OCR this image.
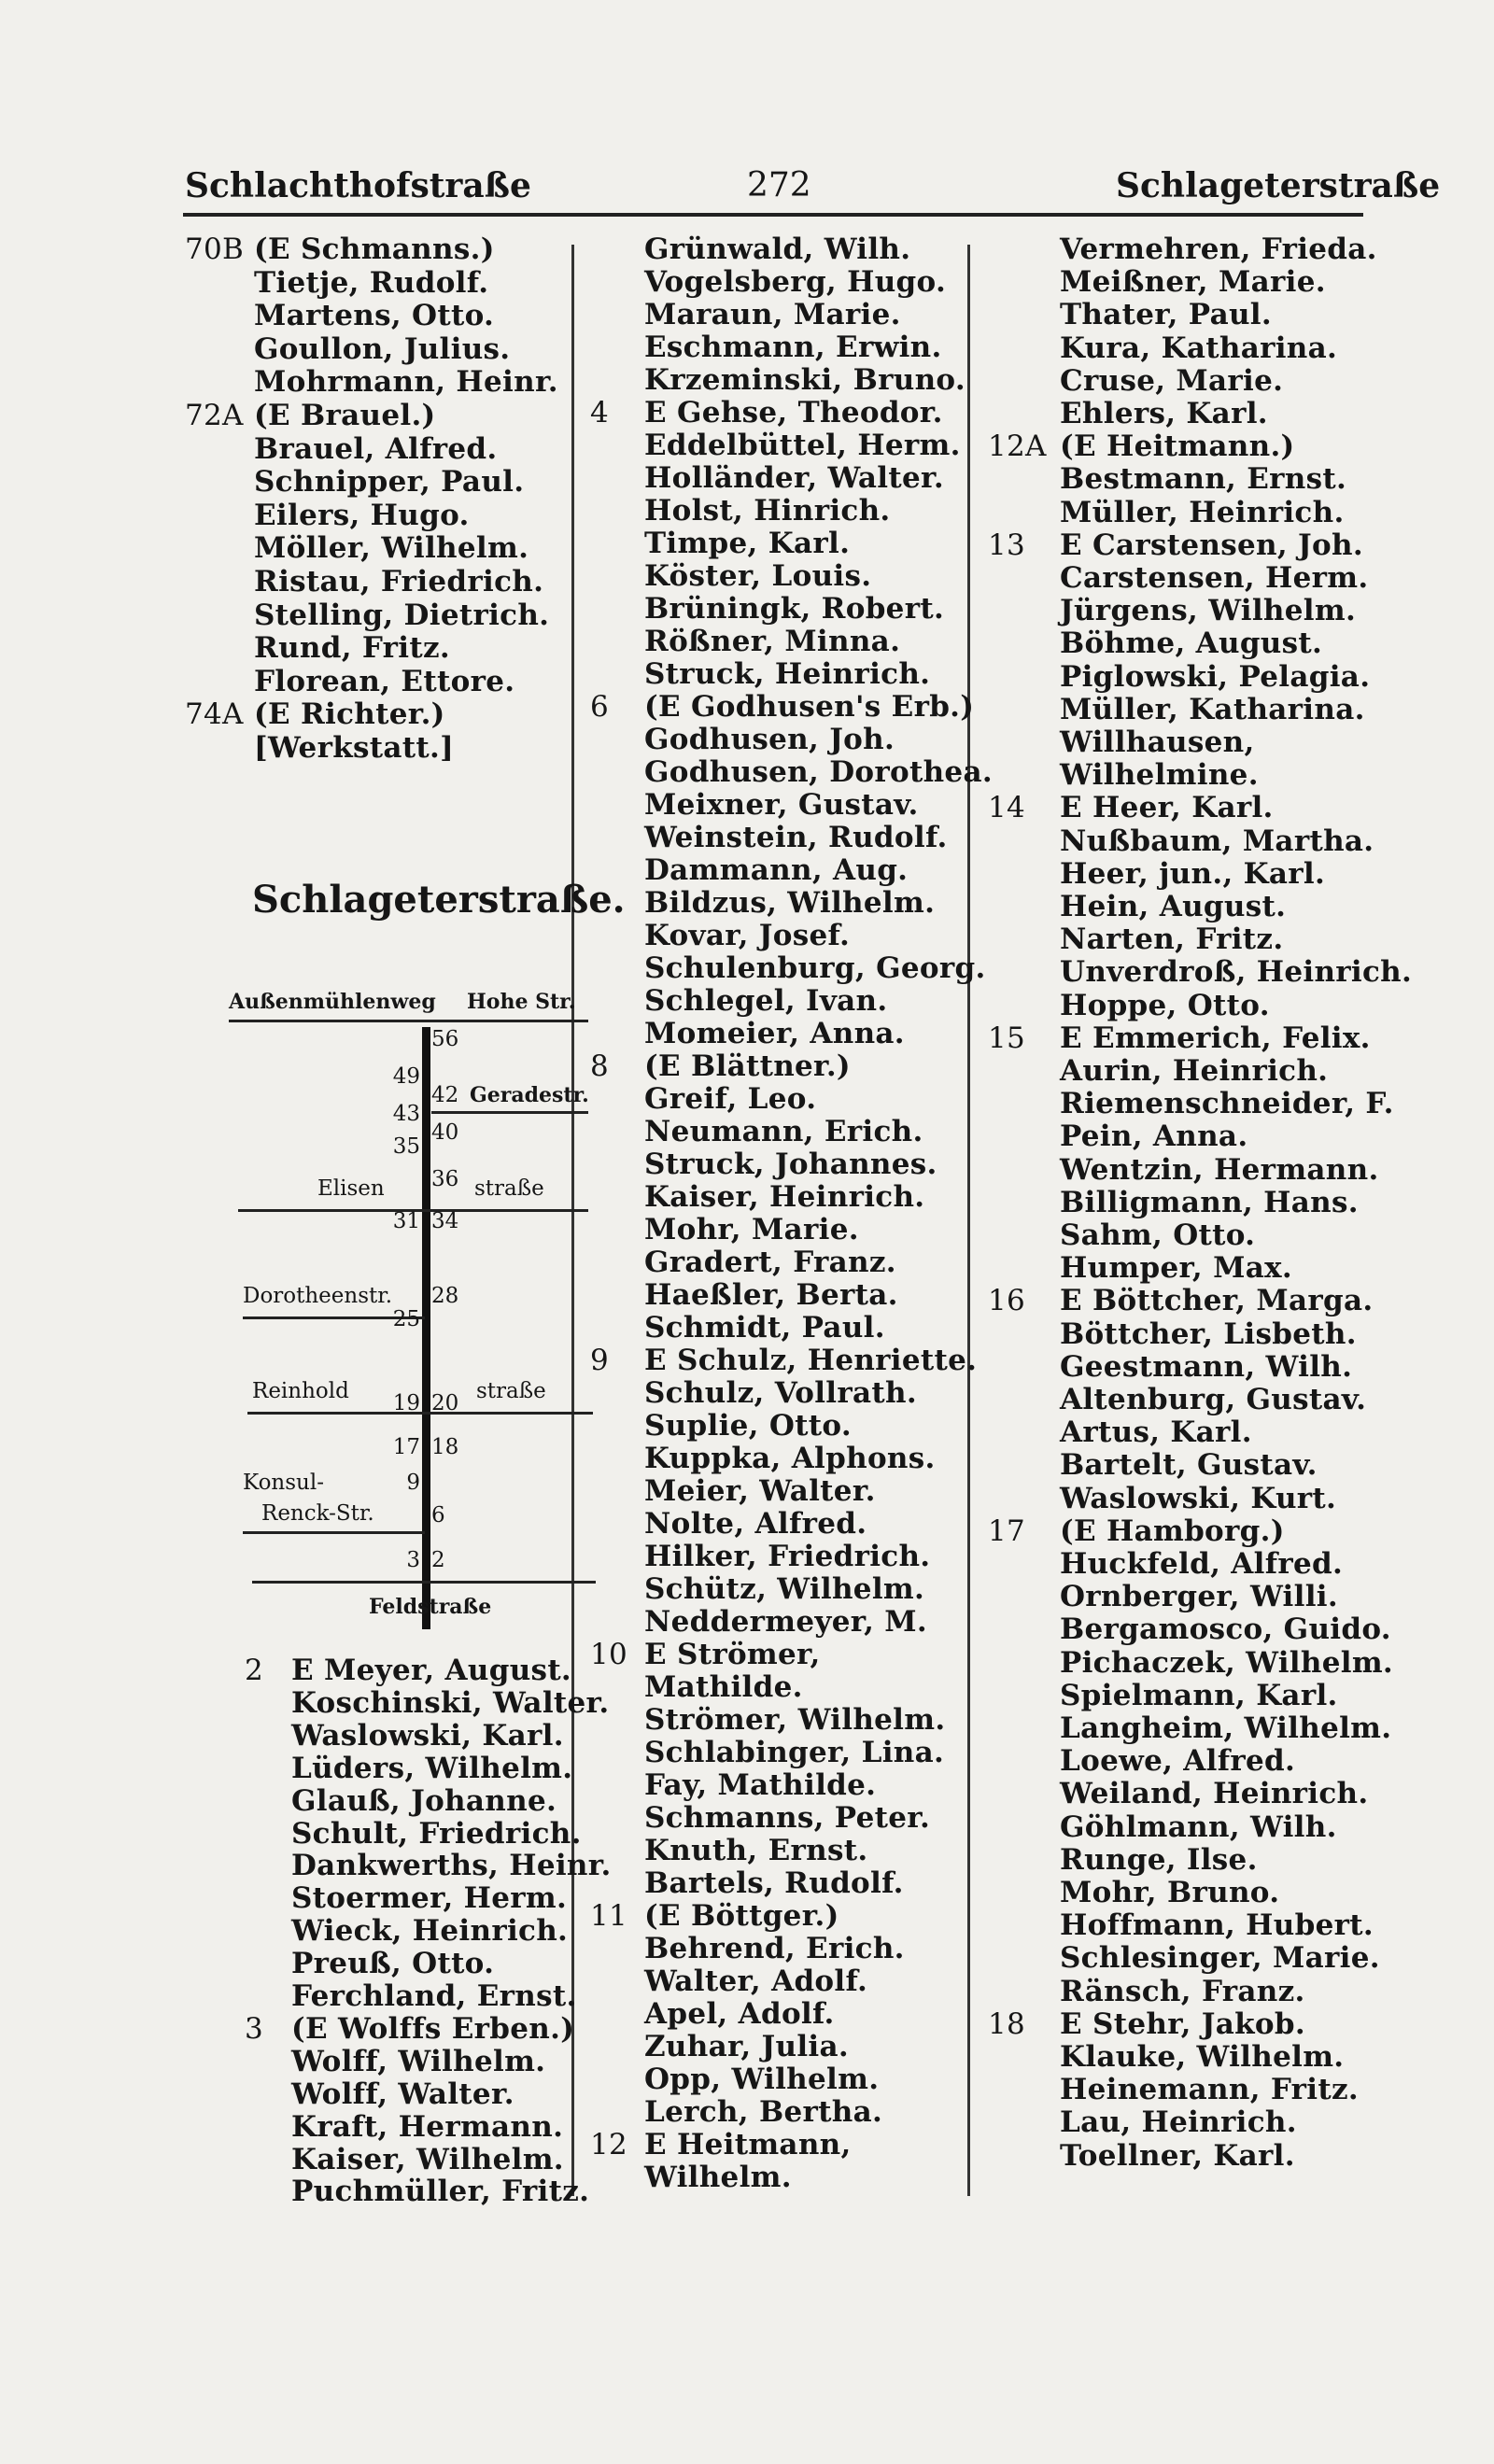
Schlachthofstraße	272	Schlageterstraße
70B (E Schmanns.)
Tietje, Rudolf.
Martens, Otto.
Goullon, Julius.
Mohrmann, Heinr.
72A (E Brauel.)
Brauel, Alfred.
Schnipper, Paul.
Eilers, Hugo.
Möller, Wilhelm.
Ristau, Friedrich.
Stelling, Dietrich.
Rund, Fritz.
Florean, Ettore.
74A (E Richter.)
[Werkstatt.]
Schlageterstraße.
Außenmühlenweg Hohe Str.
Geradestr.
Elisen	straße
Dorotheenstr.
Reinhold	straße
Konsul-
Renck-Str.
Feldstraße
49
43
35
31
25
19
17
9
3
56
42
40
36
34
28
20
18
6
2
2 E Meyer, August.
Koschinski, Walter.
Waslowski, Karl.
Lüders, Wilhelm.
Glauß, Johanne.
Schult, Friedrich.
Dankwerths, Heinr.
Stoermer, Herm.
Wieck, Heinrich.
Preuß, Otto.
Ferchland, Ernst.
3 (E Wolffs Erben.)
Wolff, Wilhelm.
Wolff, Walter.
Kraft, Hermann.
Kaiser, Wilhelm.
Puchmüller, Fritz.
Grünwald, Wilh.
Vogelsberg, Hugo.
Maraun, Marie.
Eschmann, Erwin.
Krzeminski, Bruno.
4 E Gehse, Theodor.
Eddelbüttel, Herm.
Holländer, Walter.
Holst, Hinrich.
Timpe, Karl.
Köster, Louis.
Brüningk, Robert.
Rößner, Minna.
Struck, Heinrich.
6 (E Godhusen's Erb.)
Godhusen, Joh.
Godhusen, Dorothea.
Meixner, Gustav.
Weinstein, Rudolf.
Dammann, Aug.
Bildzus, Wilhelm.
Kovar, Josef.
Schulenburg, Georg.
Schlegel, Ivan.
Momeier, Anna.
8 (E Blättner.)
Greif, Leo.
Neumann, Erich.
Struck, Johannes.
Kaiser, Heinrich.
Mohr, Marie.
Gradert, Franz.
Haeßler, Berta.
Schmidt, Paul.
9 E Schulz, Henriette.
Schulz, Vollrath.
Suplie, Otto.
Kuppka, Alphons.
Meier, Walter.
Nolte, Alfred.
Hilker, Friedrich.
Schütz, Wilhelm.
Neddermeyer, M.
10 E Strömer,
Mathilde.
Strömer, Wilhelm.
Schlabinger, Lina.
Fay, Mathilde.
Schmanns, Peter.
Knuth, Ernst.
Bartels, Rudolf.
11 (E Böttger.)
Behrend, Erich.
Walter, Adolf.
Apel, Adolf.
Zuhar, Julia.
Opp, Wilhelm.
Lerch, Bertha.
12 E Heitmann,
Wilhelm.
Vermehren, Frieda.
Meißner, Marie.
Thater, Paul.
Kura, Katharina.
Cruse, Marie.
Ehlers, Karl.
12A (E Heitmann.)
Bestmann, Ernst.
Müller, Heinrich.
13 E Carstensen, Joh.
Carstensen, Herm.
Jürgens, Wilhelm.
Böhme, August.
Piglowski, Pelagia.
Müller, Katharina.
Willhausen,
Wilhelmine.
14 E Heer, Karl.
Nußbaum, Martha.
Heer, jun., Karl.
Hein, August.
Narten, Fritz.
Unverdroß, Heinrich.
Hoppe, Otto.
15 E Emmerich, Felix.
Aurin, Heinrich.
Riemenschneider, F.
Pein, Anna.
Wentzin, Hermann.
Billigmann, Hans.
Sahm, Otto.
Humper, Max.
16 E Böttcher, Marga.
Böttcher, Lisbeth.
Geestmann, Wilh.
Altenburg, Gustav.
Artus, Karl.
Bartelt, Gustav.
Waslowski, Kurt.
17 (E Hamborg.)
Huckfeld, Alfred.
Ornberger, Willi.
Bergamosco, Guido.
Pichaczek, Wilhelm.
Spielmann, Karl.
Langheim, Wilhelm.
Loewe, Alfred.
Weiland, Heinrich.
Göhlmann, Wilh.
Runge, Ilse.
Mohr, Bruno.
Hoffmann, Hubert.
Schlesinger, Marie.
Ränsch, Franz.
18 E Stehr, Jakob.
Klauke, Wilhelm.
Heinemann, Fritz.
Lau, Heinrich.
Toellner, Karl.
